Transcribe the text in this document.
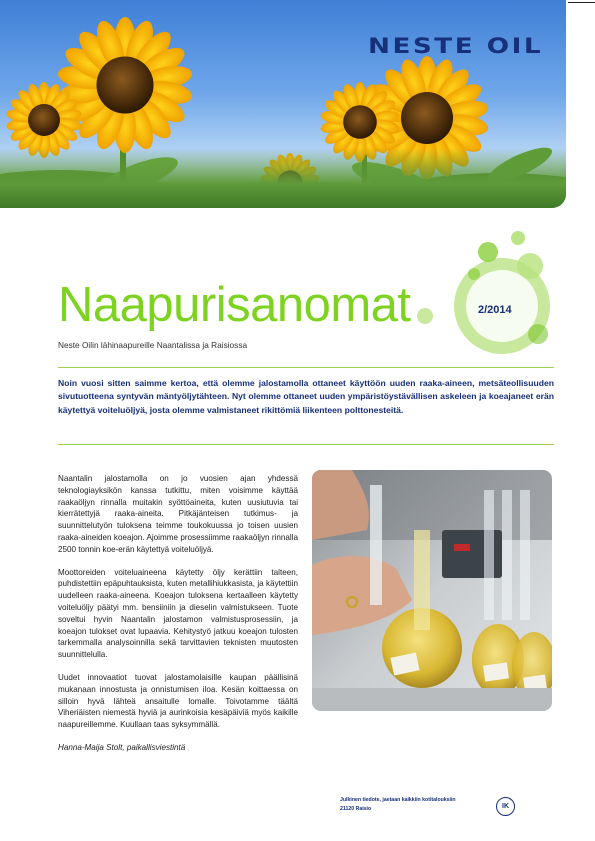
NESTE OIL
Naapurisanomat	2/2014
Neste Oilin lähinaapureille Naantalissa ja Raisiossa

Noin vuosi sitten saimme kertoa, että olemme jalostamolla ottaneet käyttöön uuden raaka-aineen, metsäteollisuuden sivutuotteena syntyvän mäntyöljytähteen. Nyt olemme ottaneet uuden ympäristöystävällisen askeleen ja koeajaneet erän käytettyä voiteluöljyä, josta olemme valmistaneet rikittömiä liikenteen polttonesteitä.

Naantalin jalostamolla on jo vuosien ajan yhdessä teknologiayksikön kanssa tutkittu, miten voisimme käyttää raakaöljyn rinnalla muitakin syöttöaineita, kuten uusiutuvia tai kierrätettyjä raaka-aineita. Pitkäjänteisen tutkimus- ja suunnittelutyön tuloksena teimme toukokuussa jo toisen uusien raaka-aineiden koeajon. Ajoimme prosessiimme raakaöljyn rinnalla 2500 tonnin koe-erän käytettyä voiteluöljyä.

Moottoreiden voiteluaineena käytetty öljy kerättiin talteen, puhdistettiin epäpuhtauksista, kuten metallihiukkasista, ja käytettiin uudelleen raaka-aineena. Koeajon tuloksena kertaalleen käytetty voiteluöljy päätyi mm. bensiiniin ja dieselin valmistukseen. Tuote soveltui hyvin Naantalin jalostamon valmistusprosessiin, ja koeajon tulokset ovat lupaavia. Kehitystyö jatkuu koeajon tulosten tarkemmalla analysoinnilla sekä tarvittavien teknisten muutosten suunnittelulla.

Uudet innovaatiot tuovat jalostamolaisille kaupan päällisinä mukanaan innostusta ja onnistumisen iloa. Kesän koittaessa on silloin hyvä lähteä ansaitulle lomalle. Toivotamme täältä Viheriäisten niemestä hyviä ja aurinkoisia kesäpäiviä myös kaikille naapureillemme. Kuullaan taas syksymmällä.

Hanna-Maija Stolt, paikallisviestintä

Julkinen tiedote, jaetaan kaikkiin kotitalouksiin
21120 Raisio	IK
